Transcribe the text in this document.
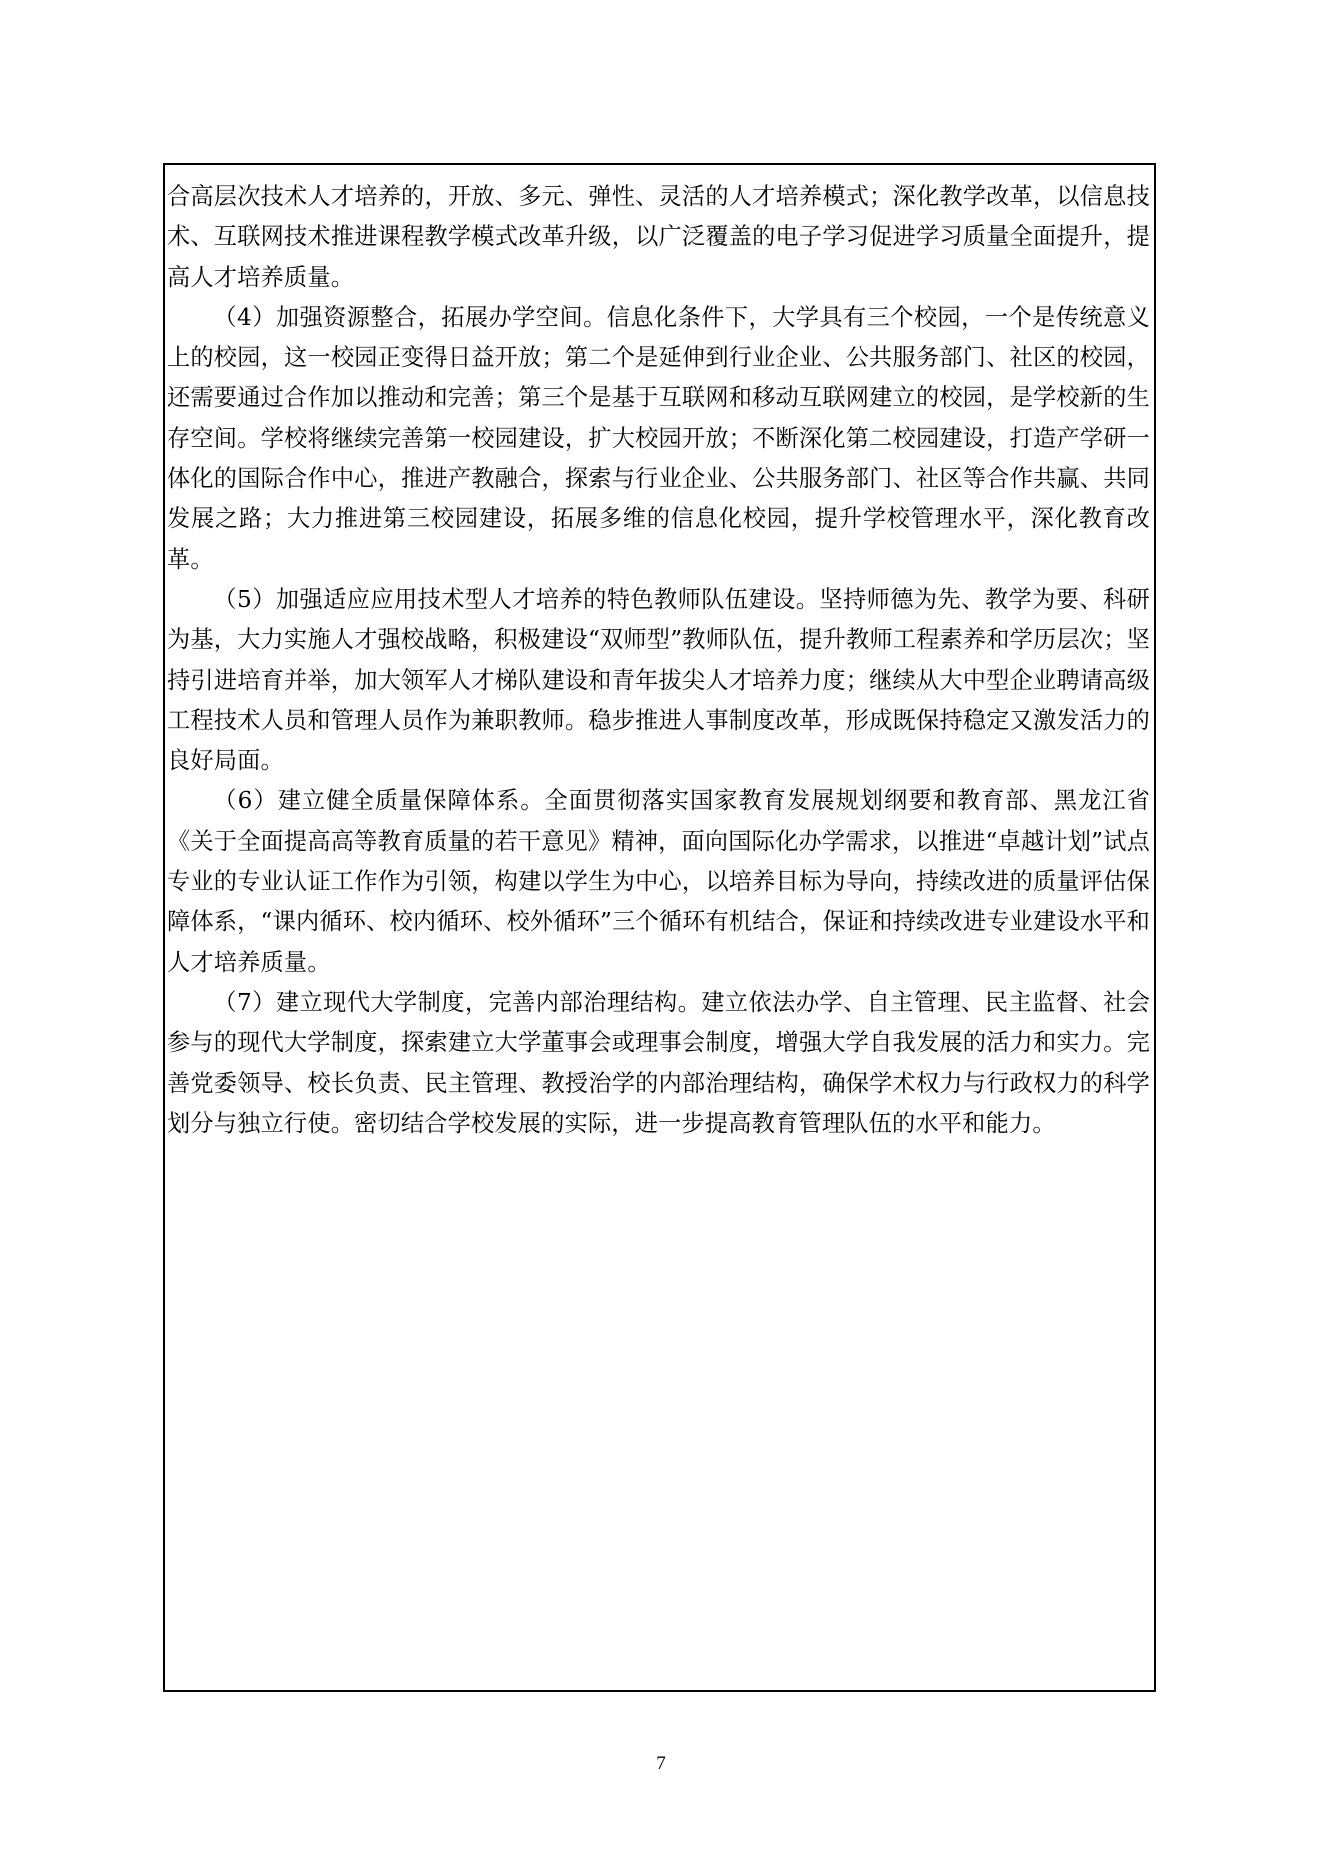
合高层次技术人才培养的，开放、多元、弹性、灵活的人才培养模式；深化教学改革，以信息技术、互联网技术推进课程教学模式改革升级，以广泛覆盖的电子学习促进学习质量全面提升，提高人才培养质量。

（4）加强资源整合，拓展办学空间。信息化条件下，大学具有三个校园，一个是传统意义上的校园，这一校园正变得日益开放；第二个是延伸到行业企业、公共服务部门、社区的校园，还需要通过合作加以推动和完善；第三个是基于互联网和移动互联网建立的校园，是学校新的生存空间。学校将继续完善第一校园建设，扩大校园开放；不断深化第二校园建设，打造产学研一体化的国际合作中心，推进产教融合，探索与行业企业、公共服务部门、社区等合作共赢、共同发展之路；大力推进第三校园建设，拓展多维的信息化校园，提升学校管理水平，深化教育改革。

（5）加强适应应用技术型人才培养的特色教师队伍建设。坚持师德为先、教学为要、科研为基，大力实施人才强校战略，积极建设“双师型”教师队伍，提升教师工程素养和学历层次；坚持引进培育并举，加大领军人才梯队建设和青年拔尖人才培养力度；继续从大中型企业聘请高级工程技术人员和管理人员作为兼职教师。稳步推进人事制度改革，形成既保持稳定又激发活力的良好局面。

（6）建立健全质量保障体系。全面贯彻落实国家教育发展规划纲要和教育部、黑龙江省《关于全面提高高等教育质量的若干意见》精神，面向国际化办学需求，以推进“卓越计划”试点专业的专业认证工作作为引领，构建以学生为中心，以培养目标为导向，持续改进的质量评估保障体系，“课内循环、校内循环、校外循环”三个循环有机结合，保证和持续改进专业建设水平和人才培养质量。

（7）建立现代大学制度，完善内部治理结构。建立依法办学、自主管理、民主监督、社会参与的现代大学制度，探索建立大学董事会或理事会制度，增强大学自我发展的活力和实力。完善党委领导、校长负责、民主管理、教授治学的内部治理结构，确保学术权力与行政权力的科学划分与独立行使。密切结合学校发展的实际，进一步提高教育管理队伍的水平和能力。

7
